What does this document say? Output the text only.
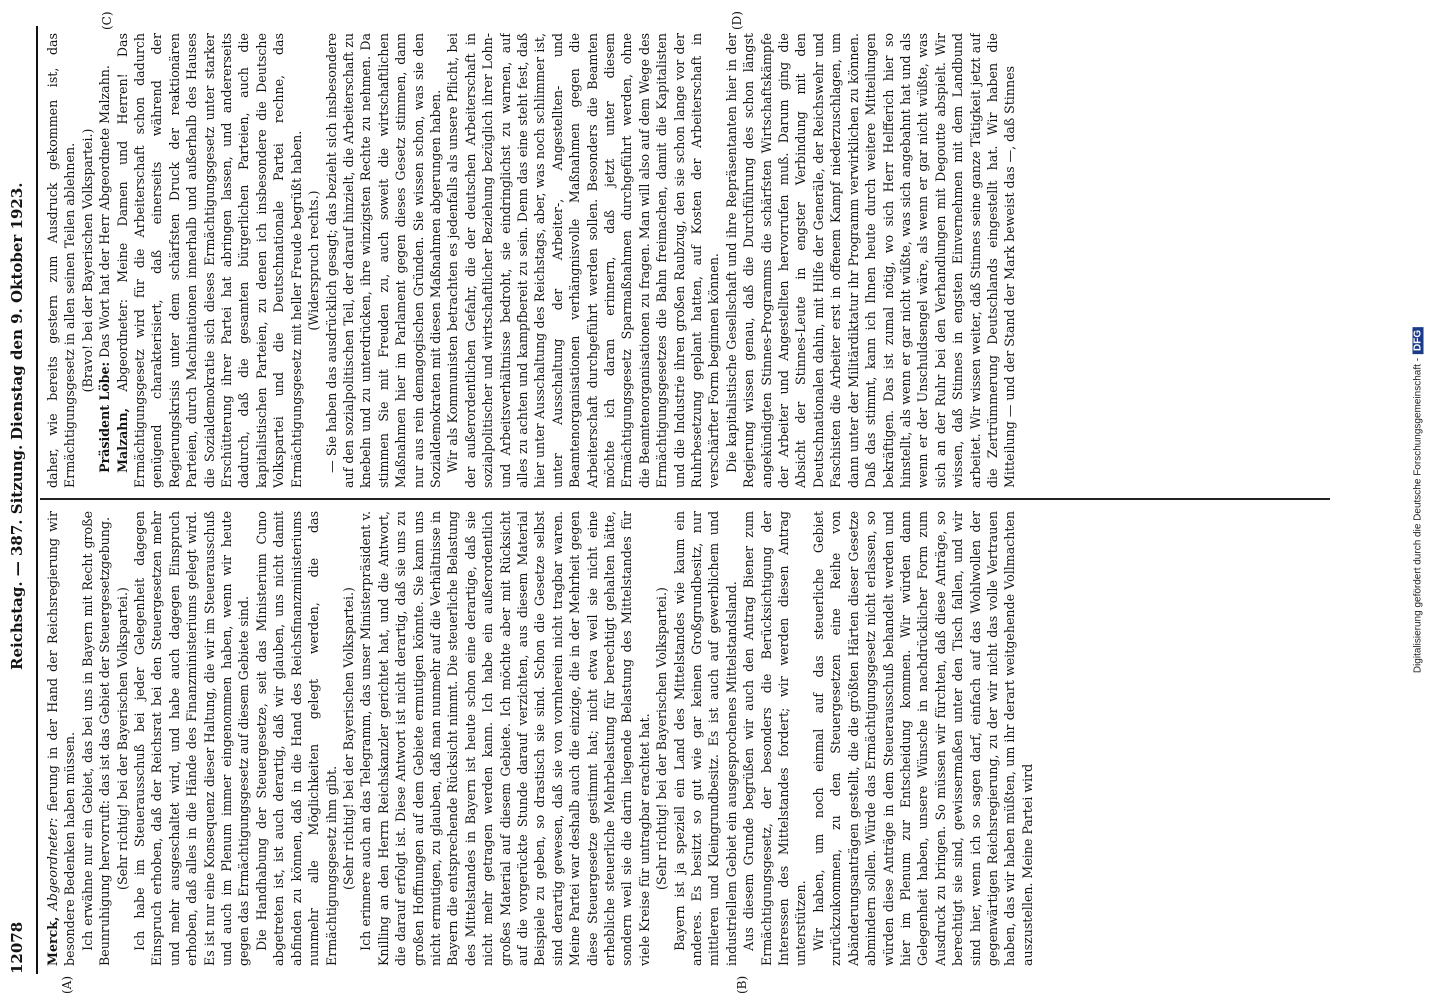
12078
Reichstag. — 387. Sitzung.
Dienstag den 9. Oktober 1923.
(A)	(B)
(C)	(D)

Merck, Abgeordneter: fierung in der Hand der Reichsregierung wir besondere Bedenken haben müssen. Ich erwähne nur ein Gebiet, das bei uns in Bayern mit Recht große Beunruhigung hervorruft: das ist das Gebiet der Steuergesetzgebung. (Sehr richtig! bei der Bayerischen Volkspartei.) Ich habe im Steuerausschuß bei jeder Gelegenheit dagegen Einspruch erhoben, daß der Reichsrat bei den Steuergesetzen mehr und mehr ausgeschaltet wird, und habe auch dagegen Einspruch erhoben, daß alles in die Hände des Finanzministeriums gelegt wird. Es ist nur eine Konsequenz dieser Haltung, die wir im Steuerausschuß und auch im Plenum immer eingenommen haben, wenn wir heute gegen das Ermächtigungsgesetz auf diesem Gebiete sind. Die Handhabung der Steuergesetze, seit das Ministerium Cuno abgetreten ist, ist auch derartig, daß wir glauben, uns nicht damit abfinden zu können, daß in die Hand des Reichsfinanzministeriums nunmehr alle Möglichkeiten gelegt werden, die das Ermächtigungsgesetz ihm gibt. (Sehr richtig! bei der Bayerischen Volkspartei.) Ich erinnere auch an das Telegramm, das unser Ministerpräsident v. Knilling an den Herrn Reichskanzler gerichtet hat, und die Antwort, die darauf erfolgt ist. Diese Antwort ist nicht derartig, daß sie uns zu großen Hoffnungen auf dem Gebiete ermutigen könnte. Sie kann uns nicht ermutigen, zu glauben, daß man nunmehr auf die Verhältnisse in Bayern die entsprechende Rücksicht nimmt. Die steuerliche Belastung des Mittelstandes in Bayern ist heute schon eine derartige, daß sie nicht mehr getragen werden kann. Ich habe ein außerordentlich großes Material auf diesem Gebiete. Ich möchte aber mit Rücksicht auf die vorgerückte Stunde darauf verzichten, aus diesem Material Beispiele zu geben, so drastisch sie sind. Schon die Gesetze selbst sind derartig gewesen, daß sie von vornherein nicht tragbar waren. Meine Partei war deshalb auch die einzige, die in der Mehrheit gegen diese Steuergesetze gestimmt hat; nicht etwa weil sie nicht eine erhebliche steuerliche Mehrbelastung für berechtigt gehalten hätte, sondern weil sie die darin liegende Belastung des Mittelstandes für viele Kreise für untragbar erachtet hat. (Sehr richtig! bei der Bayerischen Volkspartei.) Bayern ist ja speziell ein Land des Mittelstandes wie kaum ein anderes. Es besitzt so gut wie gar keinen Großgrundbesitz, nur mittleren und Kleingrundbesitz. Es ist auch auf gewerblichem und industriellem Gebiet ein ausgesprochenes Mittelstandsland. Aus diesem Grunde begrüßen wir auch den Antrag Biener zum Ermächtigungsgesetz, der besonders die Berücksichtigung der Interessen des Mittelstandes fordert; wir werden diesen Antrag unterstützen. Wir haben, um noch einmal auf das steuerliche Gebiet zurückzukommen, zu den Steuergesetzen eine Reihe von Abänderungsanträgen gestellt, die die größten Härten dieser Gesetze abmindern sollen. Würde das Ermächtigungsgesetz nicht erlassen, so würden diese Anträge in dem Steuerausschuß behandelt werden und hier im Plenum zur Entscheidung kommen. Wir würden dann Gelegenheit haben, unsere Wünsche in nachdrücklicher Form zum Ausdruck zu bringen. So müssen wir fürchten, daß diese Anträge, so berechtigt sie sind, gewissermaßen unter den Tisch fallen, und wir sind hier, wenn ich so sagen darf, einfach auf das Wohlwollen der gegenwärtigen Reichsregierung, zu der wir nicht das volle Vertrauen haben, das wir haben müßten, um ihr derart weitgehende Vollmachten auszustellen. Meine Partei wird

daher, wie bereits gestern zum Ausdruck gekommen ist, das Ermächtigungsgesetz in allen seinen Teilen ablehnen. (Bravo! bei der Bayerischen Volkspartei.)

Präsident Löbe: Das Wort hat der Herr Abgeordnete Malzahn.

Malzahn, Abgeordneter: Meine Damen und Herren! Das Ermächtigungsgesetz wird für die Arbeiterschaft schon dadurch genügend charakterisiert, daß einerseits während der Regierungskrisis unter dem schärfsten Druck der reaktionären Parteien, durch Machinationen innerhalb und außerhalb des Hauses die Sozialdemokratie sich dieses Ermächtigungsgesetz unter starker Erschütterung ihrer Partei hat abringen lassen, und andererseits dadurch, daß die gesamten bürgerlichen Parteien, auch die kapitalistischen Parteien, zu denen ich insbesondere die Deutsche Volkspartei und die Deutschnationale Partei rechne, das Ermächtigungsgesetz mit heller Freude begrüßt haben. (Widerspruch rechts.) — Sie haben das ausdrücklich gesagt; das bezieht sich insbesondere auf den sozialpolitischen Teil, der darauf hinzielt, die Arbeiterschaft zu knebeln und zu unterdrücken, ihre winzigsten Rechte zu nehmen. Da stimmen Sie mit Freuden zu, auch soweit die wirtschaftlichen Maßnahmen hier im Parlament gegen dieses Gesetz stimmen, dann nur aus rein demagogischen Gründen. Sie wissen schon, was sie den Sozialdemokraten mit diesen Maßnahmen abgerungen haben. Wir als Kommunisten betrachten es jedenfalls als unsere Pflicht, bei der außerordentlichen Gefahr, die der deutschen Arbeiterschaft in sozialpolitischer und wirtschaftlicher Beziehung bezüglich ihrer Lohn- und Arbeitsverhältnisse bedroht, sie eindringlichst zu warnen, auf alles zu achten und kampfbereit zu sein. Denn das eine steht fest, daß hier unter Ausschaltung des Reichstags, aber, was noch schlimmer ist, unter Ausschaltung der Arbeiter-, Angestellten- und Beamtenorganisationen verhängnisvolle Maßnahmen gegen die Arbeiterschaft durchgeführt werden sollen. Besonders die Beamten möchte ich daran erinnern, daß jetzt unter diesem Ermächtigungsgesetz Sparmaßnahmen durchgeführt werden, ohne die Beamtenorganisationen zu fragen. Man will also auf dem Wege des Ermächtigungsgesetzes die Bahn freimachen, damit die Kapitalisten und die Industrie ihren großen Raubzug, den sie schon lange vor der Ruhrbesetzung geplant hatten, auf Kosten der Arbeiterschaft in verschärfter Form beginnen können. Die kapitalistische Gesellschaft und ihre Repräsentanten hier in der Regierung wissen genau, daß die Durchführung des schon längst angekündigten Stinnes-Programms die schärfsten Wirtschaftskämpfe der Arbeiter und Angestellten hervorrufen muß. Darum ging die Absicht der Stinnes-Leute in engster Verbindung mit den Deutschnationalen dahin, mit Hilfe der Generäle, der Reichswehr und Faschisten die Arbeiter erst in offenem Kampf niederzuschlagen, um dann unter der Militärdiktatur ihr Programm verwirklichen zu können. Daß das stimmt, kann ich Ihnen heute durch weitere Mitteilungen bekräftigen. Das ist zumal nötig, wo sich Herr Helfferich hier so hinstellt, als wenn er gar nicht wüßte, was sich angebahnt hat und als wenn er der Unschuldsengel wäre, als wenn er gar nicht wüßte, was sich an der Ruhr bei den Verhandlungen mit Degoutte abspielt. Wir wissen, daß Stinnes in engsten Einvernehmen mit dem Landbund arbeitet. Wir wissen weiter, daß Stinnes seine ganze Tätigkeit jetzt auf die Zertrümmerung Deutschlands eingestellt hat. Wir haben die Mitteilung — und der Stand der Mark beweist das —, daß Stinnes

Digitalisierung gefördert durch die Deutsche Forschungsgemeinschaft -DFG
